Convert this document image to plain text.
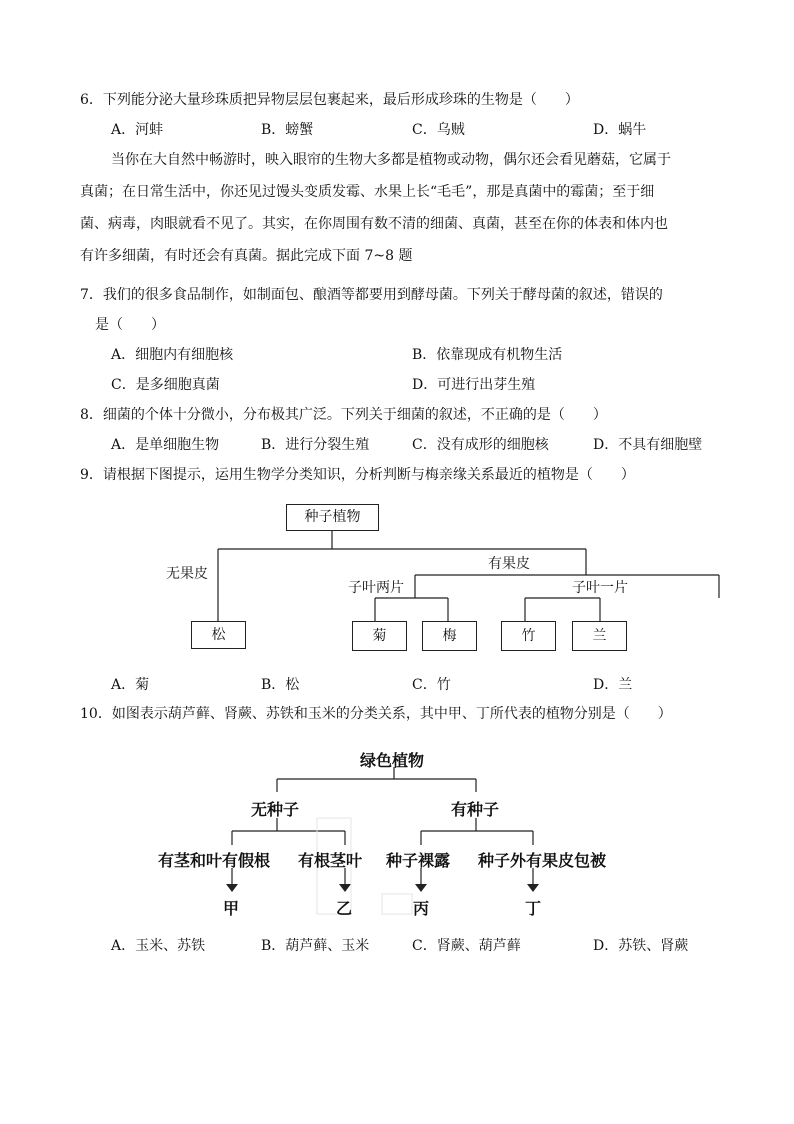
6．下列能分泌大量珍珠质把异物层层包裹起来，最后形成珍珠的生物是（　　）
A．河蚌	B．螃蟹	C．乌贼	D．蜗牛
当你在大自然中畅游时，映入眼帘的生物大多都是植物或动物，偶尔还会看见蘑菇，它属于
真菌；在日常生活中，你还见过馒头变质发霉、水果上长“毛毛”，那是真菌中的霉菌；至于细
菌、病毒，肉眼就看不见了。其实，在你周围有数不清的细菌、真菌，甚至在你的体表和体内也
有许多细菌，有时还会有真菌。据此完成下面 7~8 题
7．我们的很多食品制作，如制面包、酿酒等都要用到酵母菌。下列关于酵母菌的叙述，错误的
是（　　）
A．细胞内有细胞核	B．依靠现成有机物生活
C．是多细胞真菌	D．可进行出芽生殖
8．细菌的个体十分微小，分布极其广泛。下列关于细菌的叙述，不正确的是（　　）
A．是单细胞生物	B．进行分裂生殖	C．没有成形的细胞核	D．不具有细胞壁
9．请根据下图提示，运用生物学分类知识，分析判断与梅亲缘关系最近的植物是（　　）
种子植物
无果皮
有果皮
子叶两片	子叶一片
松	菊	梅	竹	兰
A．菊	B．松	C．竹	D．兰
10．如图表示葫芦藓、肾蕨、苏铁和玉米的分类关系，其中甲、丁所代表的植物分别是（　　）
绿色植物
无种子	有种子
有茎和叶有假根 有根茎叶 种子裸露 种子外有果皮包被
甲	乙	丙	丁
A．玉米、苏铁	B．葫芦藓、玉米	C．肾蕨、葫芦藓	D．苏铁、肾蕨
